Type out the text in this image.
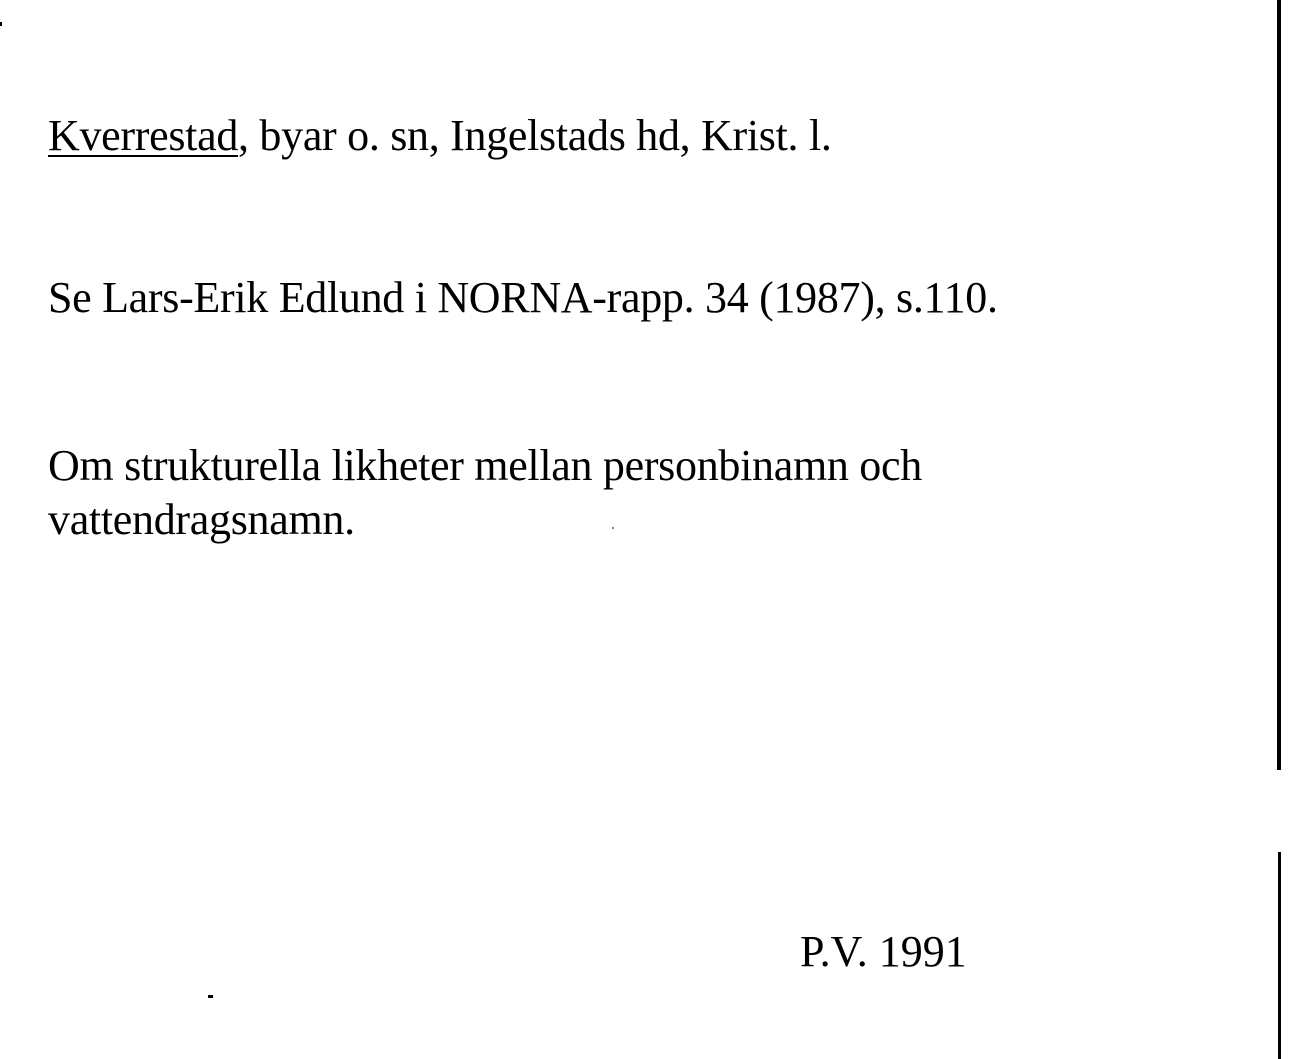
Kverrestad, byar o. sn, Ingelstads hd, Krist. l.
Se Lars-Erik Edlund i NORNA-rapp. 34 (1987), s.110.
Om strukturella likheter mellan personbinamn och
vattendragsnamn.
P.V. 1991
